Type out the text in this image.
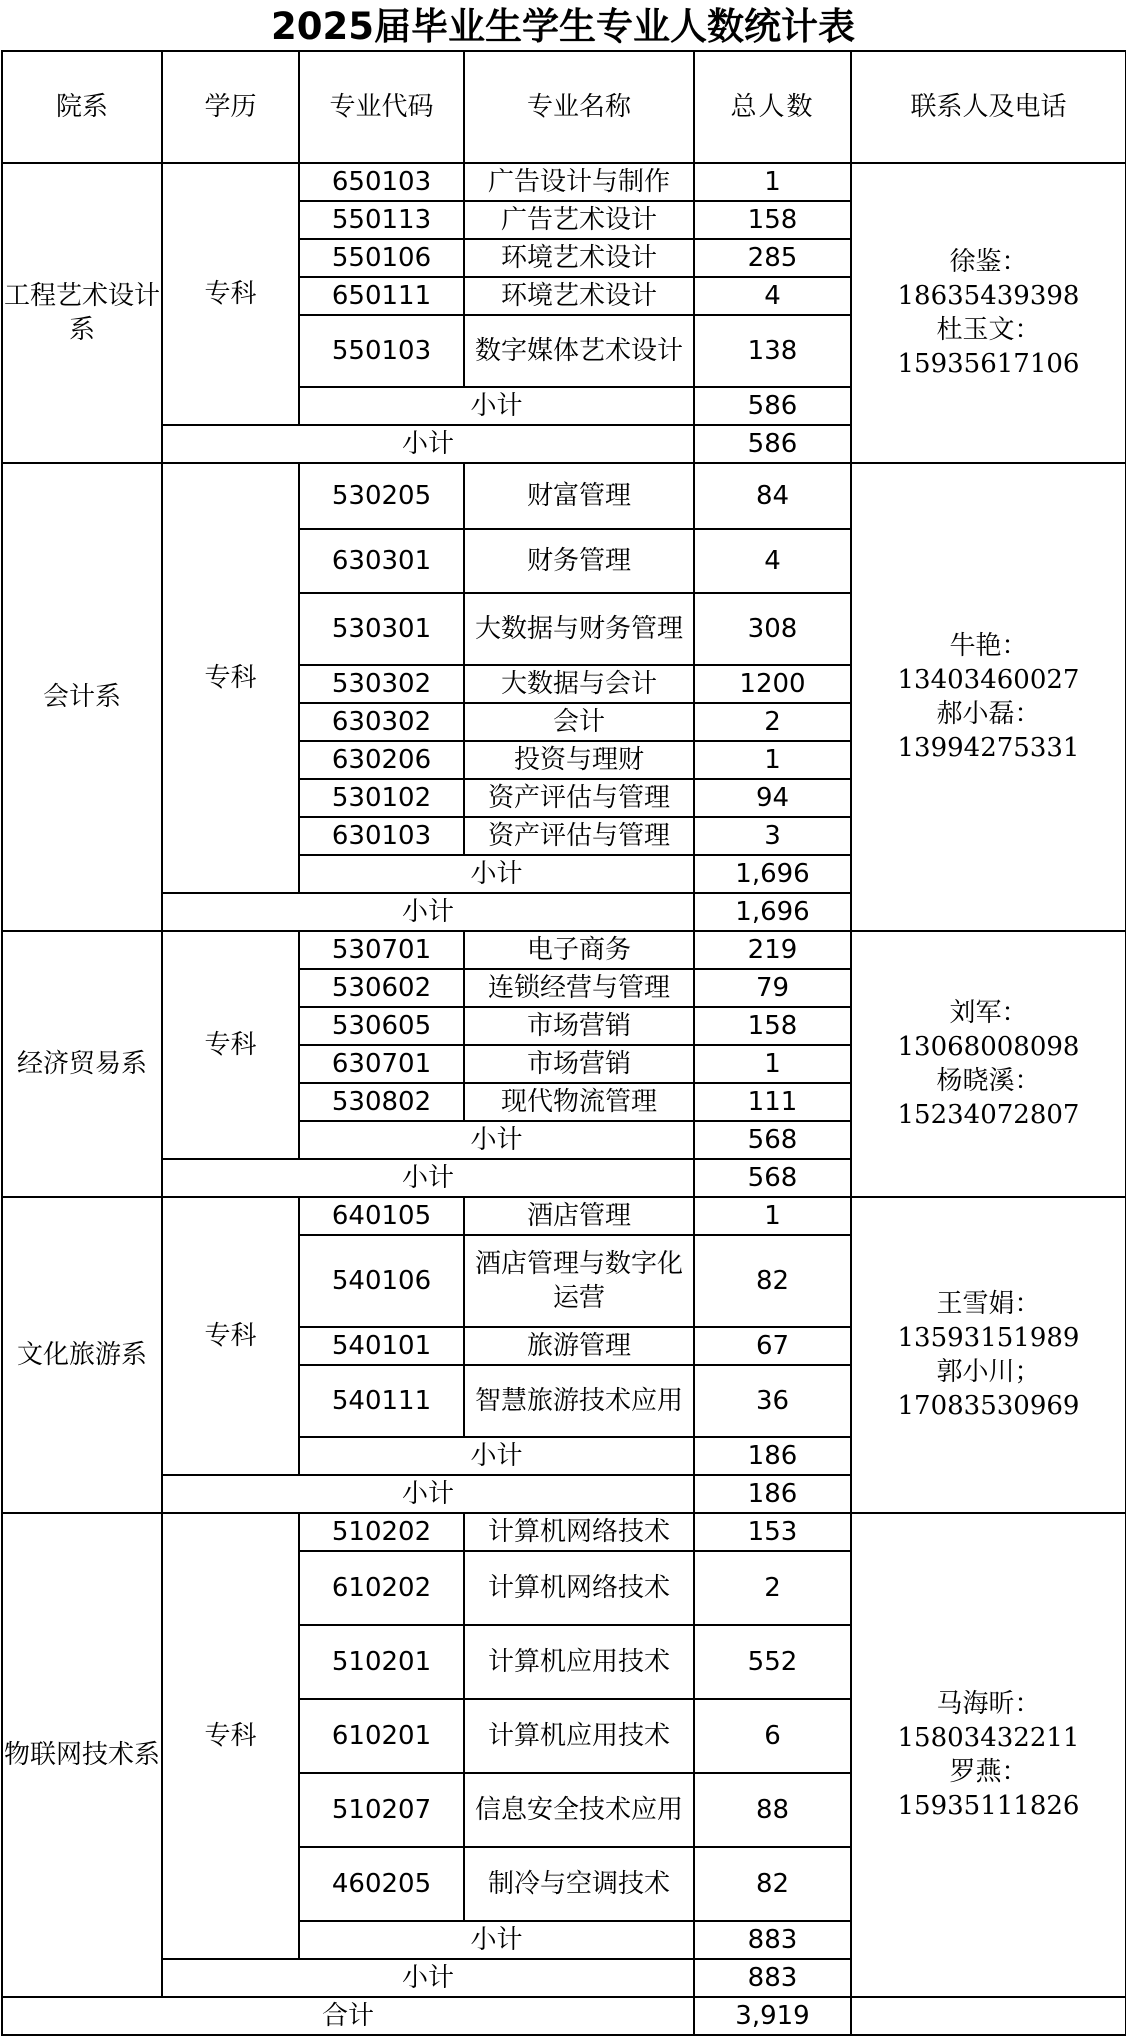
2025届毕业生学生专业人数统计表
院系	学历	专业代码	专业名称	总人数	联系人及电话
工程艺术设计系	专科	650103	广告设计与制作	1	徐鉴：
18635439398
杜玉文：
15935617106

		550113	广告艺术设计	158	
		550106	环境艺术设计	285	
		650111	环境艺术设计	4	
		550103	数字媒体艺术设计	138	
		小计		586	
	小计			586	
会计系	专科	530205	财富管理	84	牛艳：
13403460027
郝小磊：
13994275331

		630301	财务管理	4	
		530301	大数据与财务管理	308	
		530302	大数据与会计	1200	
		630302	会计	2	
		630206	投资与理财	1	
		530102	资产评估与管理	94	
		630103	资产评估与管理	3	
		小计		1,696	
	小计			1,696	
经济贸易系	专科	530701	电子商务	219	刘军：
13068008098
杨晓溪：
15234072807

		530602	连锁经营与管理	79	
		530605	市场营销	158	
		630701	市场营销	1	
		530802	现代物流管理	111	
		小计		568	
	小计			568	
文化旅游系	专科	640105	酒店管理	1	王雪娟：
13593151989
郭小川；
17083530969

		540106	酒店管理与数字化运营	82	
		540101	旅游管理	67	
		540111	智慧旅游技术应用	36	
		小计		186	
	小计			186	
物联网技术系	专科	510202	计算机网络技术	153	马海昕：
15803432211
罗燕：
15935111826

		610202	计算机网络技术	2	
		510201	计算机应用技术	552	
		610201	计算机应用技术	6	
		510207	信息安全技术应用	88	
		460205	制冷与空调技术	82	
		小计		883	
	小计			883	
合计				3,919	
